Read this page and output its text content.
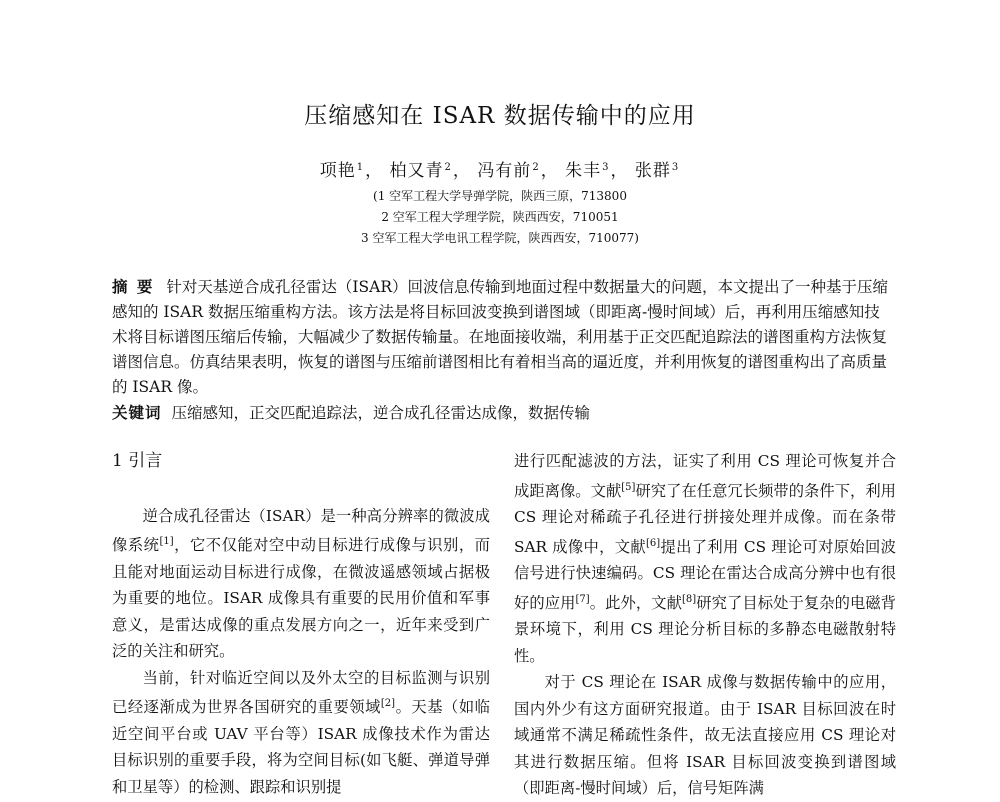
压缩感知在 ISAR 数据传输中的应用
项艳$^1$， 柏又青$^2$， 冯有前$^2$， 朱丰$^3$， 张群$^3$
(1 空军工程大学导弹学院，陕西三原，713800
2 空军工程大学理学院，陕西西安，710051
3 空军工程大学电讯工程学院，陕西西安，710077)

摘 要 针对天基逆合成孔径雷达（ISAR）回波信息传输到地面过程中数据量大的问题，本文提出了一种基于压缩感知的 ISAR 数据压缩重构方法。该方法是将目标回波变换到谱图域（即距离-慢时间域）后，再利用压缩感知技术将目标谱图压缩后传输，大幅减少了数据传输量。在地面接收端，利用基于正交匹配追踪法的谱图重构方法恢复谱图信息。仿真结果表明，恢复的谱图与压缩前谱图相比有着相当高的逼近度，并利用恢复的谱图重构出了高质量的 ISAR 像。

关键词 压缩感知，正交匹配追踪法，逆合成孔径雷达成像，数据传输

1 引言

逆合成孔径雷达（ISAR）是一种高分辨率的微波成像系统[1]，它不仅能对空中动目标进行成像与识别，而且能对地面运动目标进行成像，在微波遥感领域占据极为重要的地位。ISAR 成像具有重要的民用价值和军事意义，是雷达成像的重点发展方向之一，近年来受到广泛的关注和研究。

当前，针对临近空间以及外太空的目标监测与识别已经逐渐成为世界各国研究的重要领域[2]。天基（如临近空间平台或 UAV 平台等）ISAR 成像技术作为雷达目标识别的重要手段，将为空间目标(如飞艇、弹道导弹和卫星等）的检测、跟踪和识别提

进行匹配滤波的方法，证实了利用 CS 理论可恢复并合成距离像。文献[5]研究了在任意冗长频带的条件下，利用 CS 理论对稀疏子孔径进行拼接处理并成像。而在条带 SAR 成像中，文献[6]提出了利用 CS 理论可对原始回波信号进行快速编码。CS 理论在雷达合成高分辨中也有很好的应用[7]。此外，文献[8]研究了目标处于复杂的电磁背景环境下，利用 CS 理论分析目标的多静态电磁散射特性。

对于 CS 理论在 ISAR 成像与数据传输中的应用，国内外少有这方面研究报道。由于 ISAR 目标回波在时域通常不满足稀疏性条件，故无法直接应用 CS 理论对其进行数据压缩。但将 ISAR 目标回波变换到谱图域（即距离-慢时间域）后，信号矩阵满
